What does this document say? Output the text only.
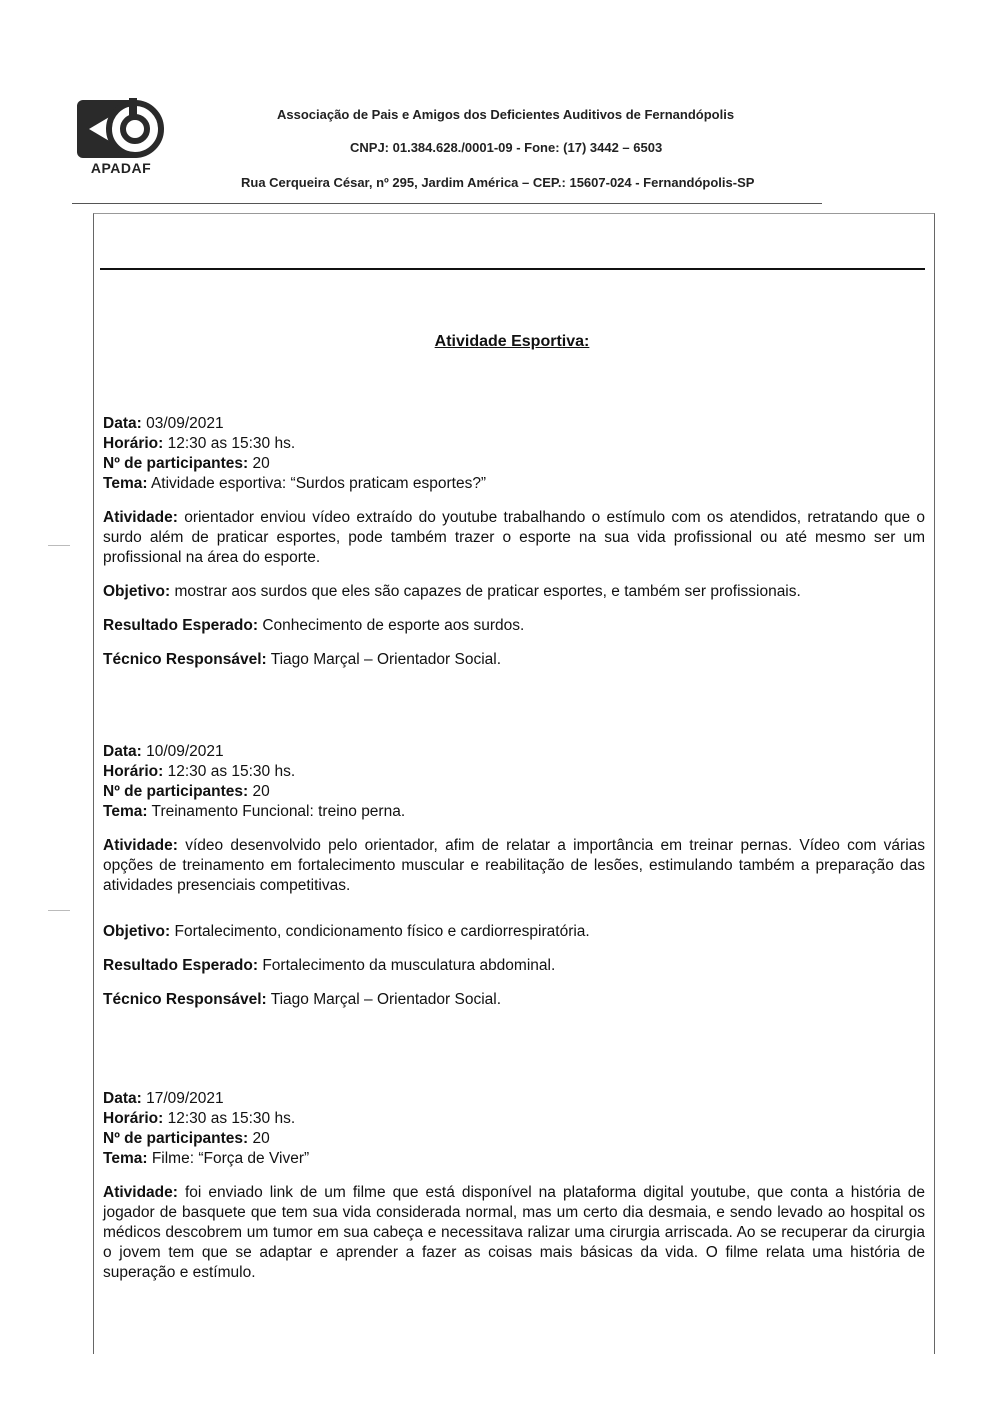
APADAF
Associação de Pais e Amigos dos Deficientes Auditivos de Fernandópolis
CNPJ: 01.384.628./0001-09 - Fone: (17) 3442 – 6503
Rua Cerqueira César, nº 295, Jardim América – CEP.: 15607-024 - Fernandópolis-SP
Atividade Esportiva:

Data: 03/09/2021

Horário: 12:30 as 15:30 hs.

Nº de participantes: 20

Tema: Atividade esportiva: “Surdos praticam esportes?”

Atividade: orientador enviou vídeo extraído do youtube trabalhando o estímulo com os atendidos, retratando que o surdo além de praticar esportes, pode também trazer o esporte na sua vida profissional ou até mesmo ser um profissional na área do esporte.

Objetivo: mostrar aos surdos que eles são capazes de praticar esportes, e também ser profissionais.

Resultado Esperado: Conhecimento de esporte aos surdos.

Técnico Responsável: Tiago Marçal – Orientador Social.

Data: 10/09/2021

Horário: 12:30 as 15:30 hs.

Nº de participantes: 20

Tema: Treinamento Funcional: treino perna.

Atividade: vídeo desenvolvido pelo orientador, afim de relatar a importância em treinar pernas. Vídeo com várias opções de treinamento em fortalecimento muscular e reabilitação de lesões, estimulando também a preparação das atividades presenciais competitivas.

Objetivo: Fortalecimento, condicionamento físico e cardiorrespiratória.

Resultado Esperado: Fortalecimento da musculatura abdominal.

Técnico Responsável: Tiago Marçal – Orientador Social.

Data: 17/09/2021

Horário: 12:30 as 15:30 hs.

Nº de participantes: 20

Tema: Filme: “Força de Viver”

Atividade: foi enviado link de um filme que está disponível na plataforma digital youtube, que conta a história de jogador de basquete que tem sua vida considerada normal, mas um certo dia desmaia, e sendo levado ao hospital os médicos descobrem um tumor em sua cabeça e necessitava ralizar uma cirurgia arriscada. Ao se recuperar da cirurgia o jovem tem que se adaptar e aprender a fazer as coisas mais básicas da vida. O filme relata uma história de superação e estímulo.
